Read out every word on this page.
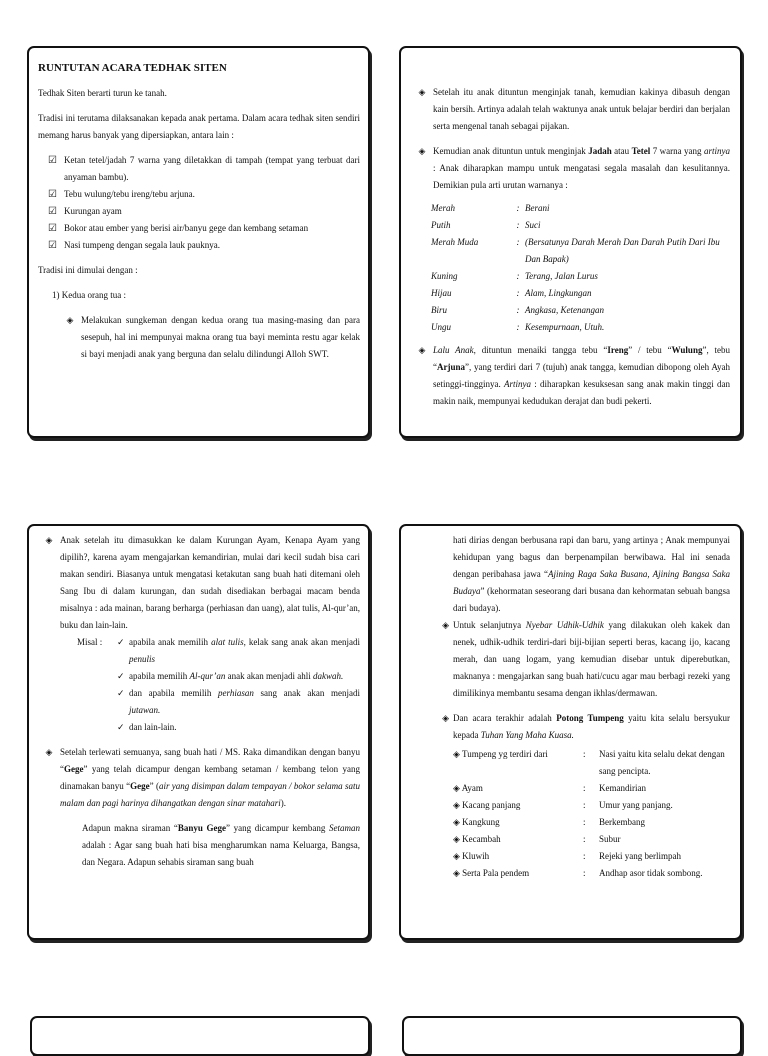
RUNTUTAN ACARA TEDHAK SITEN

Tedhak Siten berarti turun ke tanah.

Tradisi ini terutama dilaksanakan kepada anak pertama. Dalam acara tedhak siten sendiri memang harus banyak yang dipersiapkan, antara lain :

☑ Ketan tetel/jadah 7 warna yang diletakkan di tampah (tempat yang terbuat dari anyaman bambu).
☑ Tebu wulung/tebu ireng/tebu arjuna.
☑ Kurungan ayam
☑ Bokor atau ember yang berisi air/banyu gege dan kembang setaman
☑ Nasi tumpeng dengan segala lauk pauknya.

Tradisi ini dimulai dengan :

1) Kedua orang tua :
◈ Melakukan sungkeman dengan kedua orang tua masing-masing dan para sesepuh, hal ini mempunyai makna orang tua bayi meminta restu agar kelak si bayi menjadi anak yang berguna dan selalu dilindungi Alloh SWT.
◈ Setelah itu anak dituntun menginjak tanah, kemudian kakinya dibasuh dengan kain bersih. Artinya adalah telah waktunya anak untuk belajar berdiri dan berjalan serta mengenal tanah sebagai pijakan.
◈ Kemudian anak dituntun untuk menginjak Jadah atau Tetel 7 warna yang artinya : Anak diharapkan mampu untuk mengatasi segala masalah dan kesulitannya. Demikian pula arti urutan warnanya :
Merah	: Berani
Putih	: Suci
Merah Muda	: (Bersatunya Darah Merah Dan Darah Putih Dari Ibu Dan Bapak)
Kuning	: Terang, Jalan Lurus
Hijau	: Alam, Lingkungan
Biru	: Angkasa, Ketenangan
Ungu	: Kesempurnaan, Utuh.
◈ Lalu Anak, dituntun menaiki tangga tebu “Ireng” / tebu “Wulung”, tebu “Arjuna”, yang terdiri dari 7 (tujuh) anak tangga, kemudian dibopong oleh Ayah setinggi-tingginya. Artinya : diharapkan kesuksesan sang anak makin tinggi dan makin naik, mempunyai kedudukan derajat dan budi pekerti.
◈ Anak setelah itu dimasukkan ke dalam Kurungan Ayam, Kenapa Ayam yang dipilih?, karena ayam mengajarkan kemandirian, mulai dari kecil sudah bisa cari makan sendiri. Biasanya untuk mengatasi ketakutan sang buah hati ditemani oleh Sang Ibu di dalam kurungan, dan sudah disediakan berbagai macam benda misalnya : ada mainan, barang berharga (perhiasan dan uang), alat tulis, Al-qur’an, buku dan lain-lain.
Misal :	✓ apabila anak memilih alat tulis, kelak sang anak akan menjadi penulis
✓ apabila memilih Al-qur’an anak akan menjadi ahli dakwah.
✓ dan apabila memilih perhiasan sang anak akan menjadi jutawan.
✓ dan lain-lain.
◈ Setelah terlewati semuanya, sang buah hati / MS. Raka dimandikan dengan banyu “Gege” yang telah dicampur dengan kembang setaman / kembang telon yang dinamakan banyu “Gege” (air yang disimpan dalam tempayan / bokor selama satu malam dan pagi harinya dihangatkan dengan sinar matahari).
Adapun makna siraman “Banyu Gege” yang dicampur kembang Setaman adalah : Agar sang buah hati bisa mengharumkan nama Keluarga, Bangsa, dan Negara. Adapun sehabis siraman sang buah
hati dirias dengan berbusana rapi dan baru, yang artinya ; Anak mempunyai kehidupan yang bagus dan berpenampilan berwibawa. Hal ini senada dengan peribahasa jawa “Ajining Raga Saka Busana, Ajining Bangsa Saka Budaya” (kehormatan seseorang dari busana dan kehormatan sebuah bangsa dari budaya).
◈ Untuk selanjutnya Nyebar Udhik-Udhik yang dilakukan oleh kakek dan nenek, udhik-udhik terdiri-dari biji-bijian seperti beras, kacang ijo, kacang merah, dan uang logam, yang kemudian disebar untuk diperebutkan, maknanya : mengajarkan sang buah hati/cucu agar mau berbagi rezeki yang dimilikinya membantu sesama dengan ikhlas/dermawan.
◈ Dan acara terakhir adalah Potong Tumpeng yaitu kita selalu bersyukur kepada Tuhan Yang Maha Kuasa.
◈ Tumpeng yg terdiri dari	:	Nasi yaitu kita selalu dekat dengan sang pencipta.
◈ Ayam	:	Kemandirian
◈ Kacang panjang	:	Umur yang panjang.
◈ Kangkung	:	Berkembang
◈ Kecambah	:	Subur
◈ Kluwih	:	Rejeki yang berlimpah
◈ Serta Pala pendem	:	Andhap asor tidak sombong.
